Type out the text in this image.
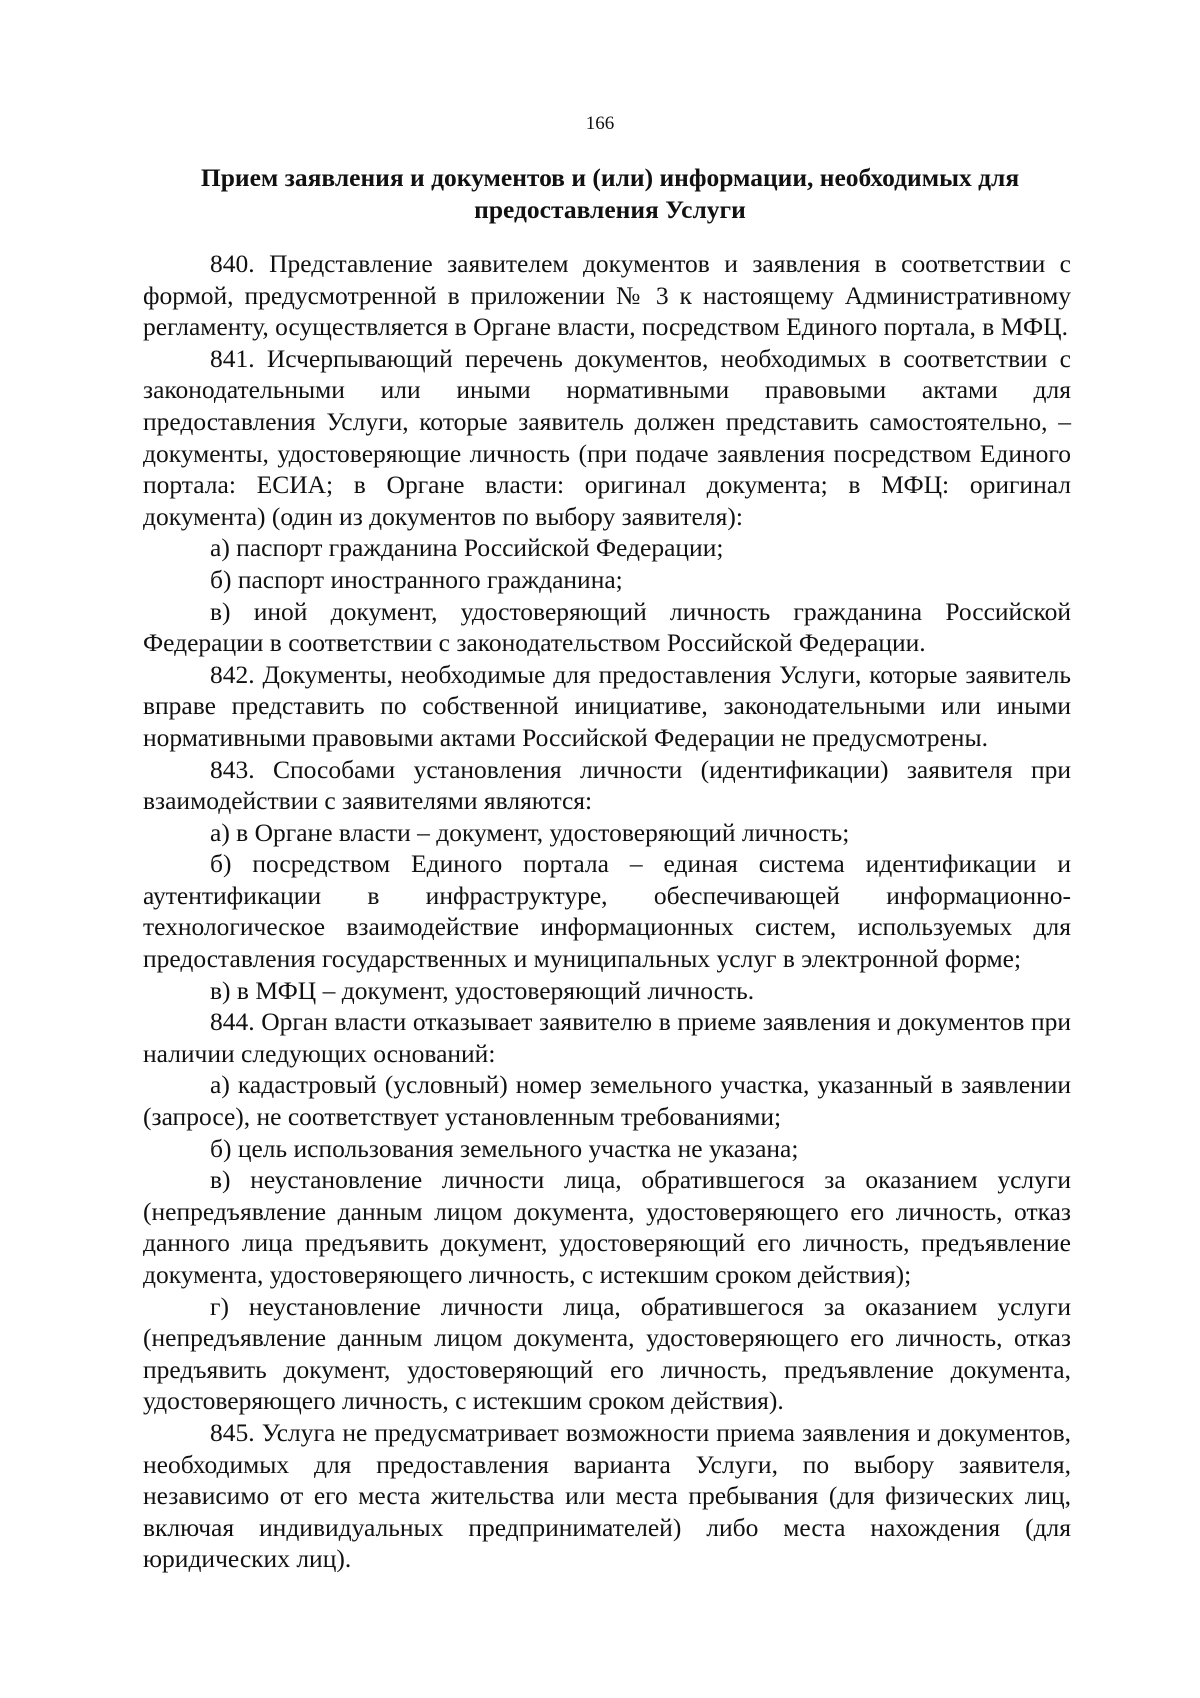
166
Прием заявления и документов и (или) информации, необходимых для предоставления Услуги

840. Представление заявителем документов и заявления в соответствии с формой, предусмотренной в приложении № 3 к настоящему Административному регламенту, осуществляется в Органе власти, посредством Единого портала, в МФЦ.

841. Исчерпывающий перечень документов, необходимых в соответствии с законодательными или иными нормативными правовыми актами для предоставления Услуги, которые заявитель должен представить самостоятельно, – документы, удостоверяющие личность (при подаче заявления посредством Единого портала: ЕСИА; в Органе власти: оригинал документа; в МФЦ: оригинал документа) (один из документов по выбору заявителя):

а) паспорт гражданина Российской Федерации;

б) паспорт иностранного гражданина;

в) иной документ, удостоверяющий личность гражданина Российской Федерации в соответствии с законодательством Российской Федерации.

842. Документы, необходимые для предоставления Услуги, которые заявитель вправе представить по собственной инициативе, законодательными или иными нормативными правовыми актами Российской Федерации не предусмотрены.

843. Способами установления личности (идентификации) заявителя при взаимодействии с заявителями являются:

а) в Органе власти – документ, удостоверяющий личность;

б) посредством Единого портала – единая система идентификации и аутентификации в инфраструктуре, обеспечивающей информационно-технологическое взаимодействие информационных систем, используемых для предоставления государственных и муниципальных услуг в электронной форме;

в) в МФЦ – документ, удостоверяющий личность.

844. Орган власти отказывает заявителю в приеме заявления и документов при наличии следующих оснований:

а) кадастровый (условный) номер земельного участка, указанный в заявлении (запросе), не соответствует установленным требованиями;

б) цель использования земельного участка не указана;

в) неустановление личности лица, обратившегося за оказанием услуги (непредъявление данным лицом документа, удостоверяющего его личность, отказ данного лица предъявить документ, удостоверяющий его личность, предъявление документа, удостоверяющего личность, с истекшим сроком действия);

г) неустановление личности лица, обратившегося за оказанием услуги (непредъявление данным лицом документа, удостоверяющего его личность, отказ предъявить документ, удостоверяющий его личность, предъявление документа, удостоверяющего личность, с истекшим сроком действия).

845. Услуга не предусматривает возможности приема заявления и документов, необходимых для предоставления варианта Услуги, по выбору заявителя, независимо от его места жительства или места пребывания (для физических лиц, включая индивидуальных предпринимателей) либо места нахождения (для юридических лиц).
